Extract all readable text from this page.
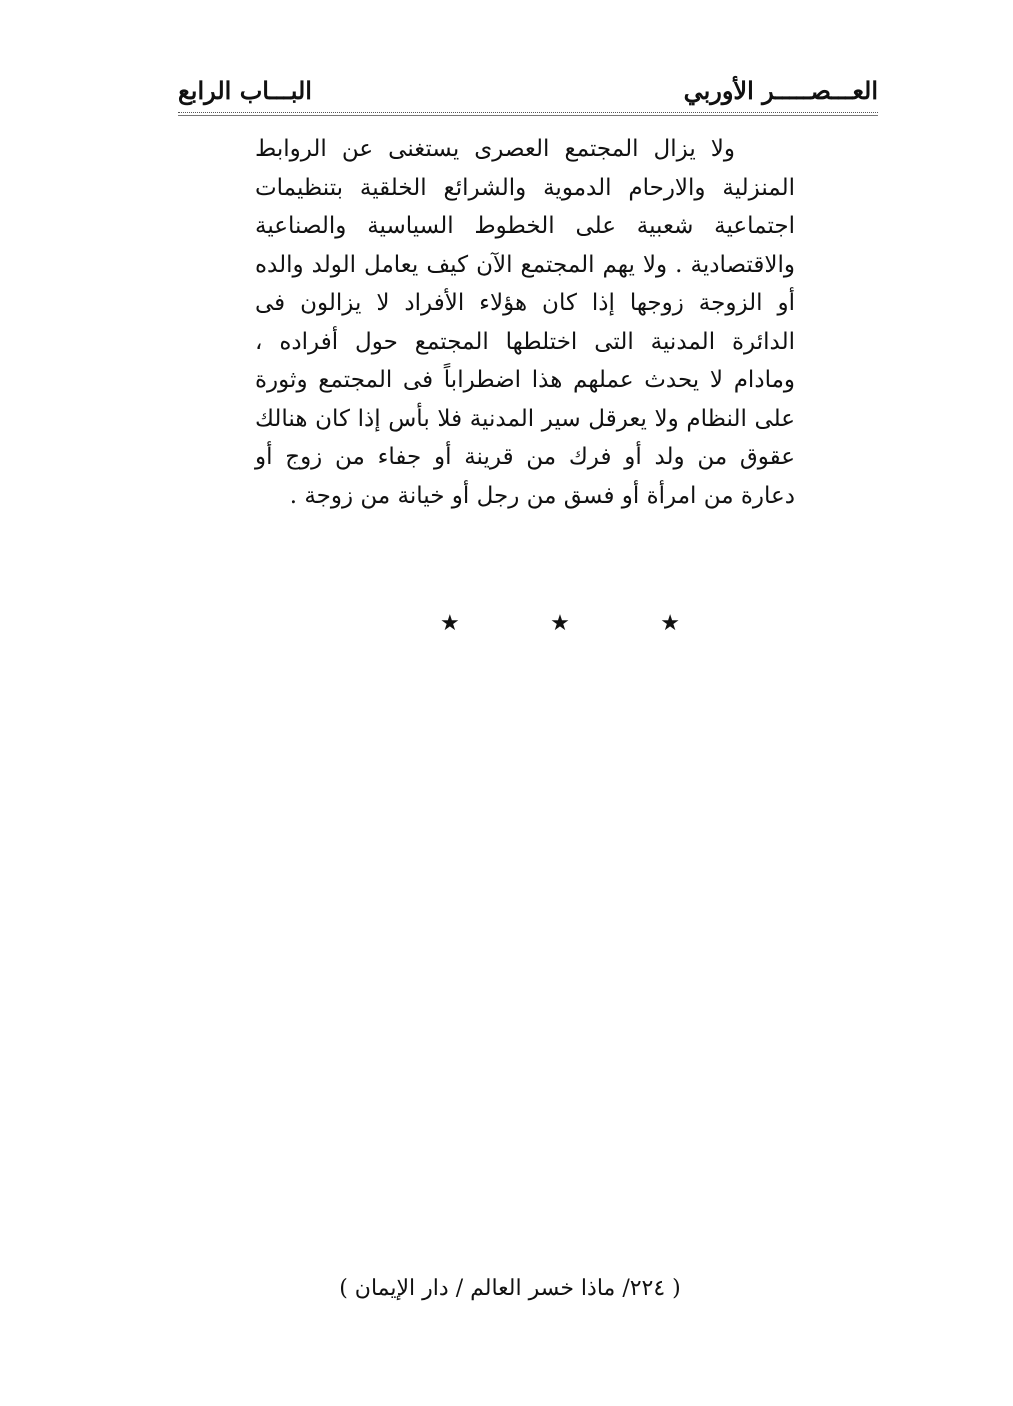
العـــصـــــر الأوربي
البـــاب الرابع

ولا يزال المجتمع العصرى يستغنى عن الروابط المنزلية والارحام الدموية والشرائع الخلقية بتنظيمات اجتماعية شعبية على الخطوط السياسية والصناعية والاقتصادية . ولا يهم المجتمع الآن كيف يعامل الولد والده أو الزوجة زوجها إذا كان هؤلاء الأفراد لا يزالون فى الدائرة المدنية التى اختلطها المجتمع حول أفراده ، ومادام لا يحدث عملهم هذا اضطراباً فى المجتمع وثورة على النظام ولا يعرقل سير المدنية فلا بأس إذا كان هنالك عقوق من ولد أو فرك من قرينة أو جفاء من زوج أو دعارة من امرأة أو فسق من رجل أو خيانة من زوجة .

★	★	★
( ٢٢٤/ ماذا خسر العالم / دار الإيمان )
